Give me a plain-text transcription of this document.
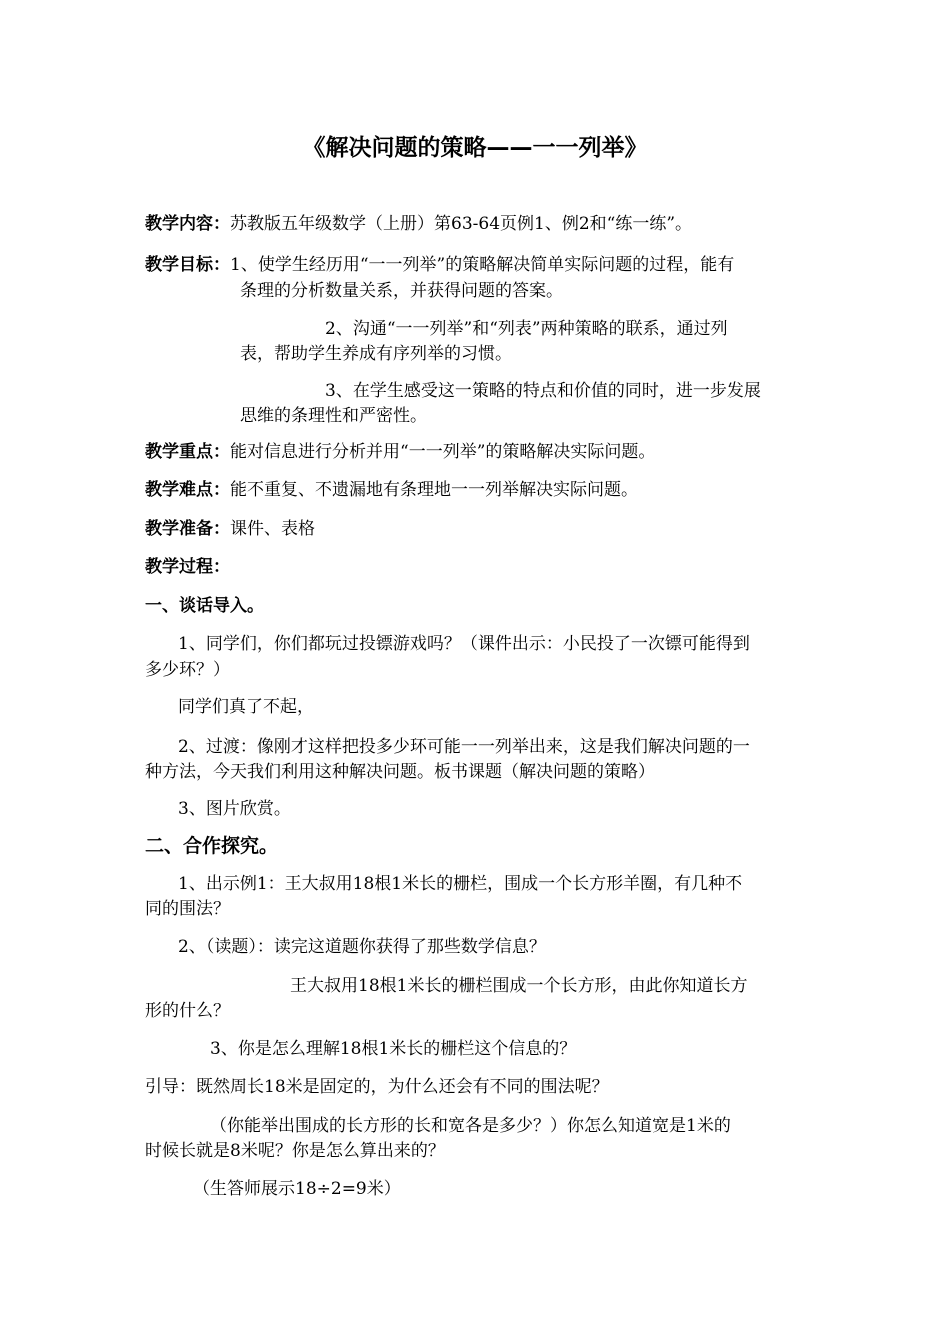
《解决问题的策略——一一列举》
教学内容：苏教版五年级数学（上册）第63-64页例1、例2和“练一练”。
教学目标：1、使学生经历用“一一列举”的策略解决简单实际问题的过程，能有
条理的分析数量关系，并获得问题的答案。
2、沟通“一一列举”和“列表”两种策略的联系，通过列
表，帮助学生养成有序列举的习惯。
3、在学生感受这一策略的特点和价值的同时，进一步发展
思维的条理性和严密性。
教学重点：能对信息进行分析并用“一一列举”的策略解决实际问题。
教学难点：能不重复、不遗漏地有条理地一一列举解决实际问题。
教学准备：课件、表格
教学过程：
一、谈话导入。
1、同学们，你们都玩过投镖游戏吗？（课件出示：小民投了一次镖可能得到
多少环？）
同学们真了不起，
2、过渡：像刚才这样把投多少环可能一一列举出来，这是我们解决问题的一
种方法，今天我们利用这种解决问题。板书课题（解决问题的策略）
3、图片欣赏。
二、合作探究。
1、出示例1：王大叔用18根1米长的栅栏，围成一个长方形羊圈，有几种不
同的围法？
2、（读题）：读完这道题你获得了那些数学信息？
王大叔用18根1米长的栅栏围成一个长方形，由此你知道长方
形的什么？
3、你是怎么理解18根1米长的栅栏这个信息的？
引导：既然周长18米是固定的，为什么还会有不同的围法呢？
（你能举出围成的长方形的长和宽各是多少？）你怎么知道宽是1米的
时候长就是8米呢？你是怎么算出来的？
（生答师展示18÷2=9米）
